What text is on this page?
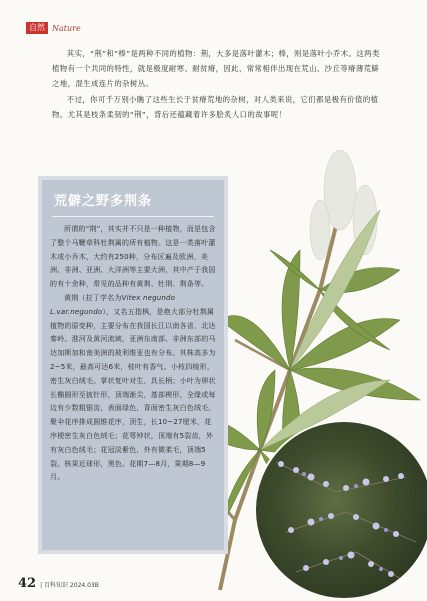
自然 Nature

其实，“荆”和“棒”是两种不同的植物：荆，大多是落叶灌木；棒，则是落叶小乔木。这两类植物有一个共同的特性，就是极度耐寒、耐贫瘠，因此，常常相伴出现在荒山、沙丘等瘠薄荒僻之地，混生成连片的杂树丛。

不过，你可千万别小瞧了这些生长于贫瘠荒地的杂树，对人类来说，它们都是极有价值的植物。尤其是枝条柔韧的“荆”，背后还蕴藏着许多脍炙人口的故事呢！

荒僻之野多荆条

所谓的“荆”，其实并不只是一种植物，而是包含了整个马鞭草科牡荆属的所有植物。这是一类落叶灌木或小乔木，大约有250种，分布区遍及欧洲、美洲、非洲、亚洲、大洋洲等主要大洲，其中产于我国的有十余种，常见的品种有黄荆、牡荆、荆条等。

黄荆（拉丁学名为Vitex negundo L.var.negundo），又名五指枫，是绝大部分牡荆属植物的原变种，主要分布在我国长江以南各省，北达秦岭、淮河及黄河流域，亚洲东南部、非洲东部的马达加斯加和南美洲的玻利维亚也有分布。其株高多为2~5米，最高可达6米，枝叶有香气。小枝四棱形，密生灰白绒毛。掌状复叶对生，具长柄；小叶为卵状长椭圆形至披针形，顶端渐尖，基部楔形，全缘或每边有少数粗锯齿，表面绿色，背面密生灰白色绒毛。聚伞花序排成圆锥花序，顶生，长10~27厘米，花序梗密生灰白色绒毛；花萼钟状，顶端有5裂齿，外有灰白色绒毛；花冠淡紫色，外有微柔毛，顶端5裂。核果近球形，黑色。花期7—8月，果期8—9月。

42 | 百科知识 2024.03B
